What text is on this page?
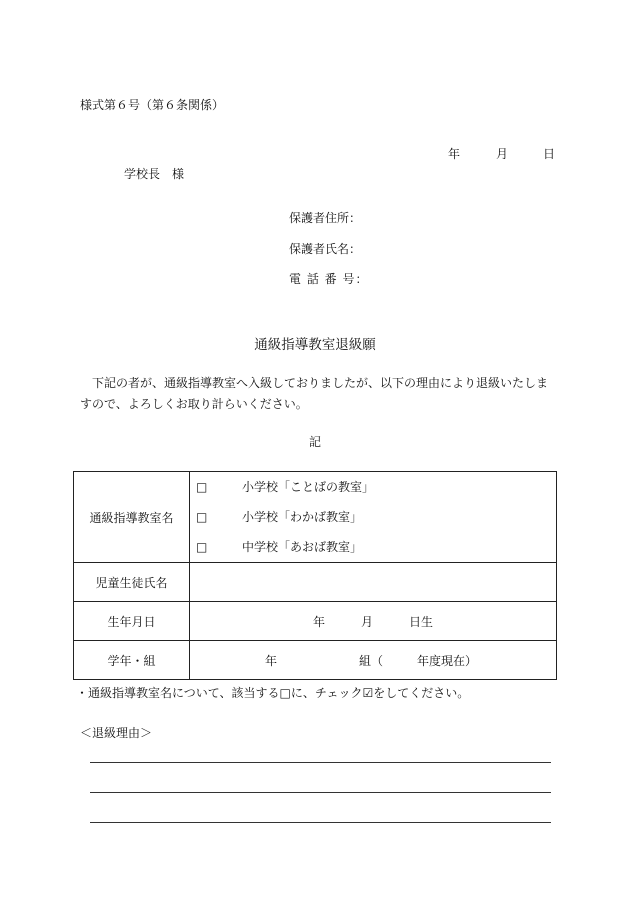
様式第６号（第６条関係）
年	月	日
学校長　様
保護者住所：
保護者氏名：
電 話 番 号：
通級指導教室退級願
下記の者が、通級指導教室へ入級しておりましたが、以下の理由により退級いたしますので、よろしくお取り計らいください。
記
通級指導教室名	□ 小学校「ことばの教室」
□ 小学校「わかば教室」
□ 中学校「あおば教室」

児童生徒氏名	
生年月日	年 月 日生
学年・組	年 組（ 年度現在）
・通級指導教室名について、該当する□に、チェック☑をしてください。
＜退級理由＞
